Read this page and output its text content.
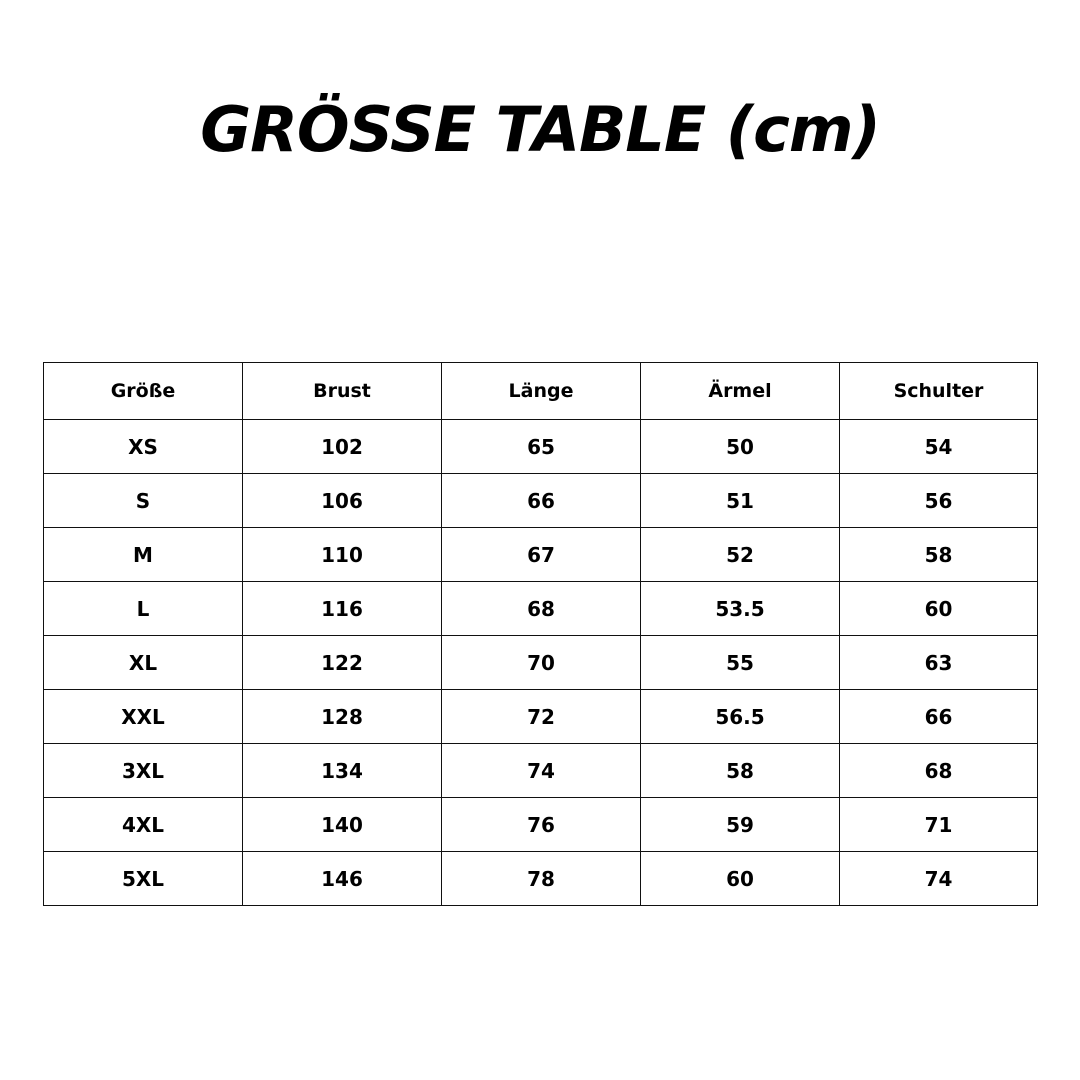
GRÖSSE TABLE (cm)
Größe	Brust	Länge	Ärmel	Schulter
XS	102	65	50	54
S	106	66	51	56
M	110	67	52	58
L	116	68	53.5	60
XL	122	70	55	63
XXL	128	72	56.5	66
3XL	134	74	58	68
4XL	140	76	59	71
5XL	146	78	60	74
